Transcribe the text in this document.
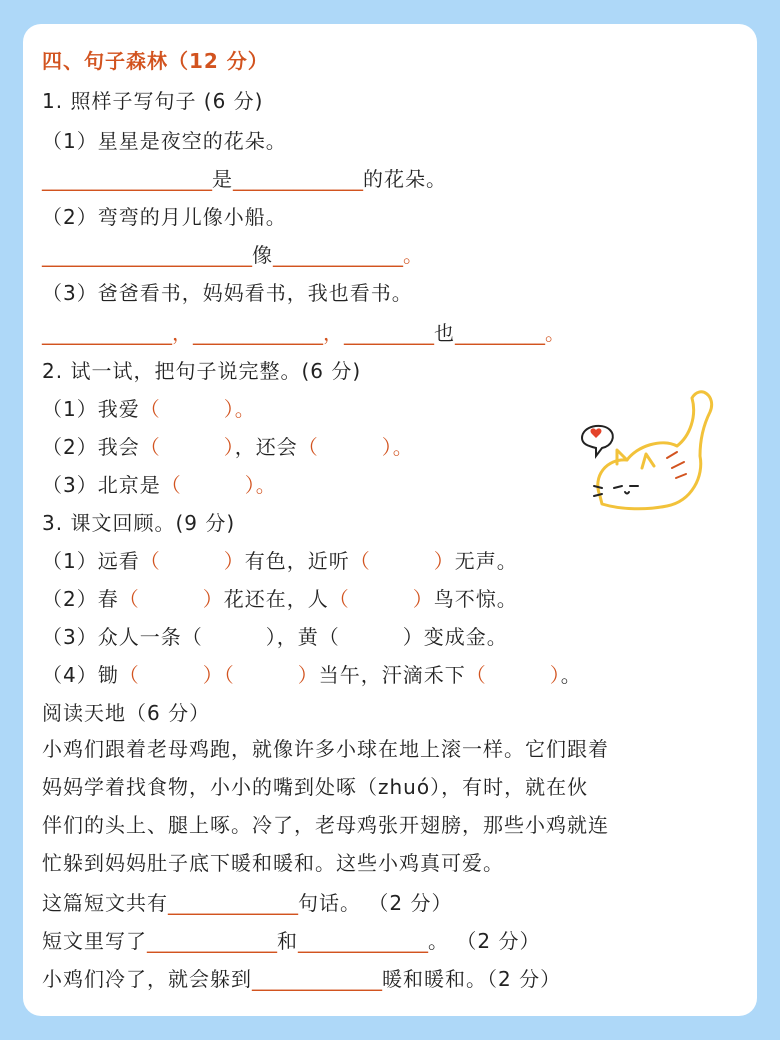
四、句子森林（12 分）
1. 照样子写句子 (6 分)
（1）星星是夜空的花朵。
_________________是_____________的花朵。
（2）弯弯的月儿像小船。
_____________________像_____________。
（3）爸爸看书，妈妈看书，我也看书。
_____________，_____________，_________也_________。
2. 试一试，把句子说完整。(6 分)
（1）我爱（　　　	）。
（2）我会（　　　	），还会（　　　	）。
（3）北京是（　　　	）。
3. 课文回顾。(9 分)
（1）远看（　　　	）有色，近听（　　　	）无声。
（2）春（　　　	）花还在，人（　　　	）鸟不惊。
（3）众人一条（　　　），黄（　　　）变成金。
（4）锄（　　　	）（　　　	）当午，汗滴禾下（　　　	）。
阅读天地（6 分）
小鸡们跟着老母鸡跑，就像许多小球在地上滚一样。它们跟着
妈妈学着找食物，小小的嘴到处啄（zhuó），有时，就在伙
伴们的头上、腿上啄。冷了，老母鸡张开翅膀，那些小鸡就连
忙躲到妈妈肚子底下暖和暖和。这些小鸡真可爱。
这篇短文共有_____________句话。 （2 分）
短文里写了_____________和_____________。 （2 分）
小鸡们冷了，就会躲到_____________暖和暖和。（2 分）
